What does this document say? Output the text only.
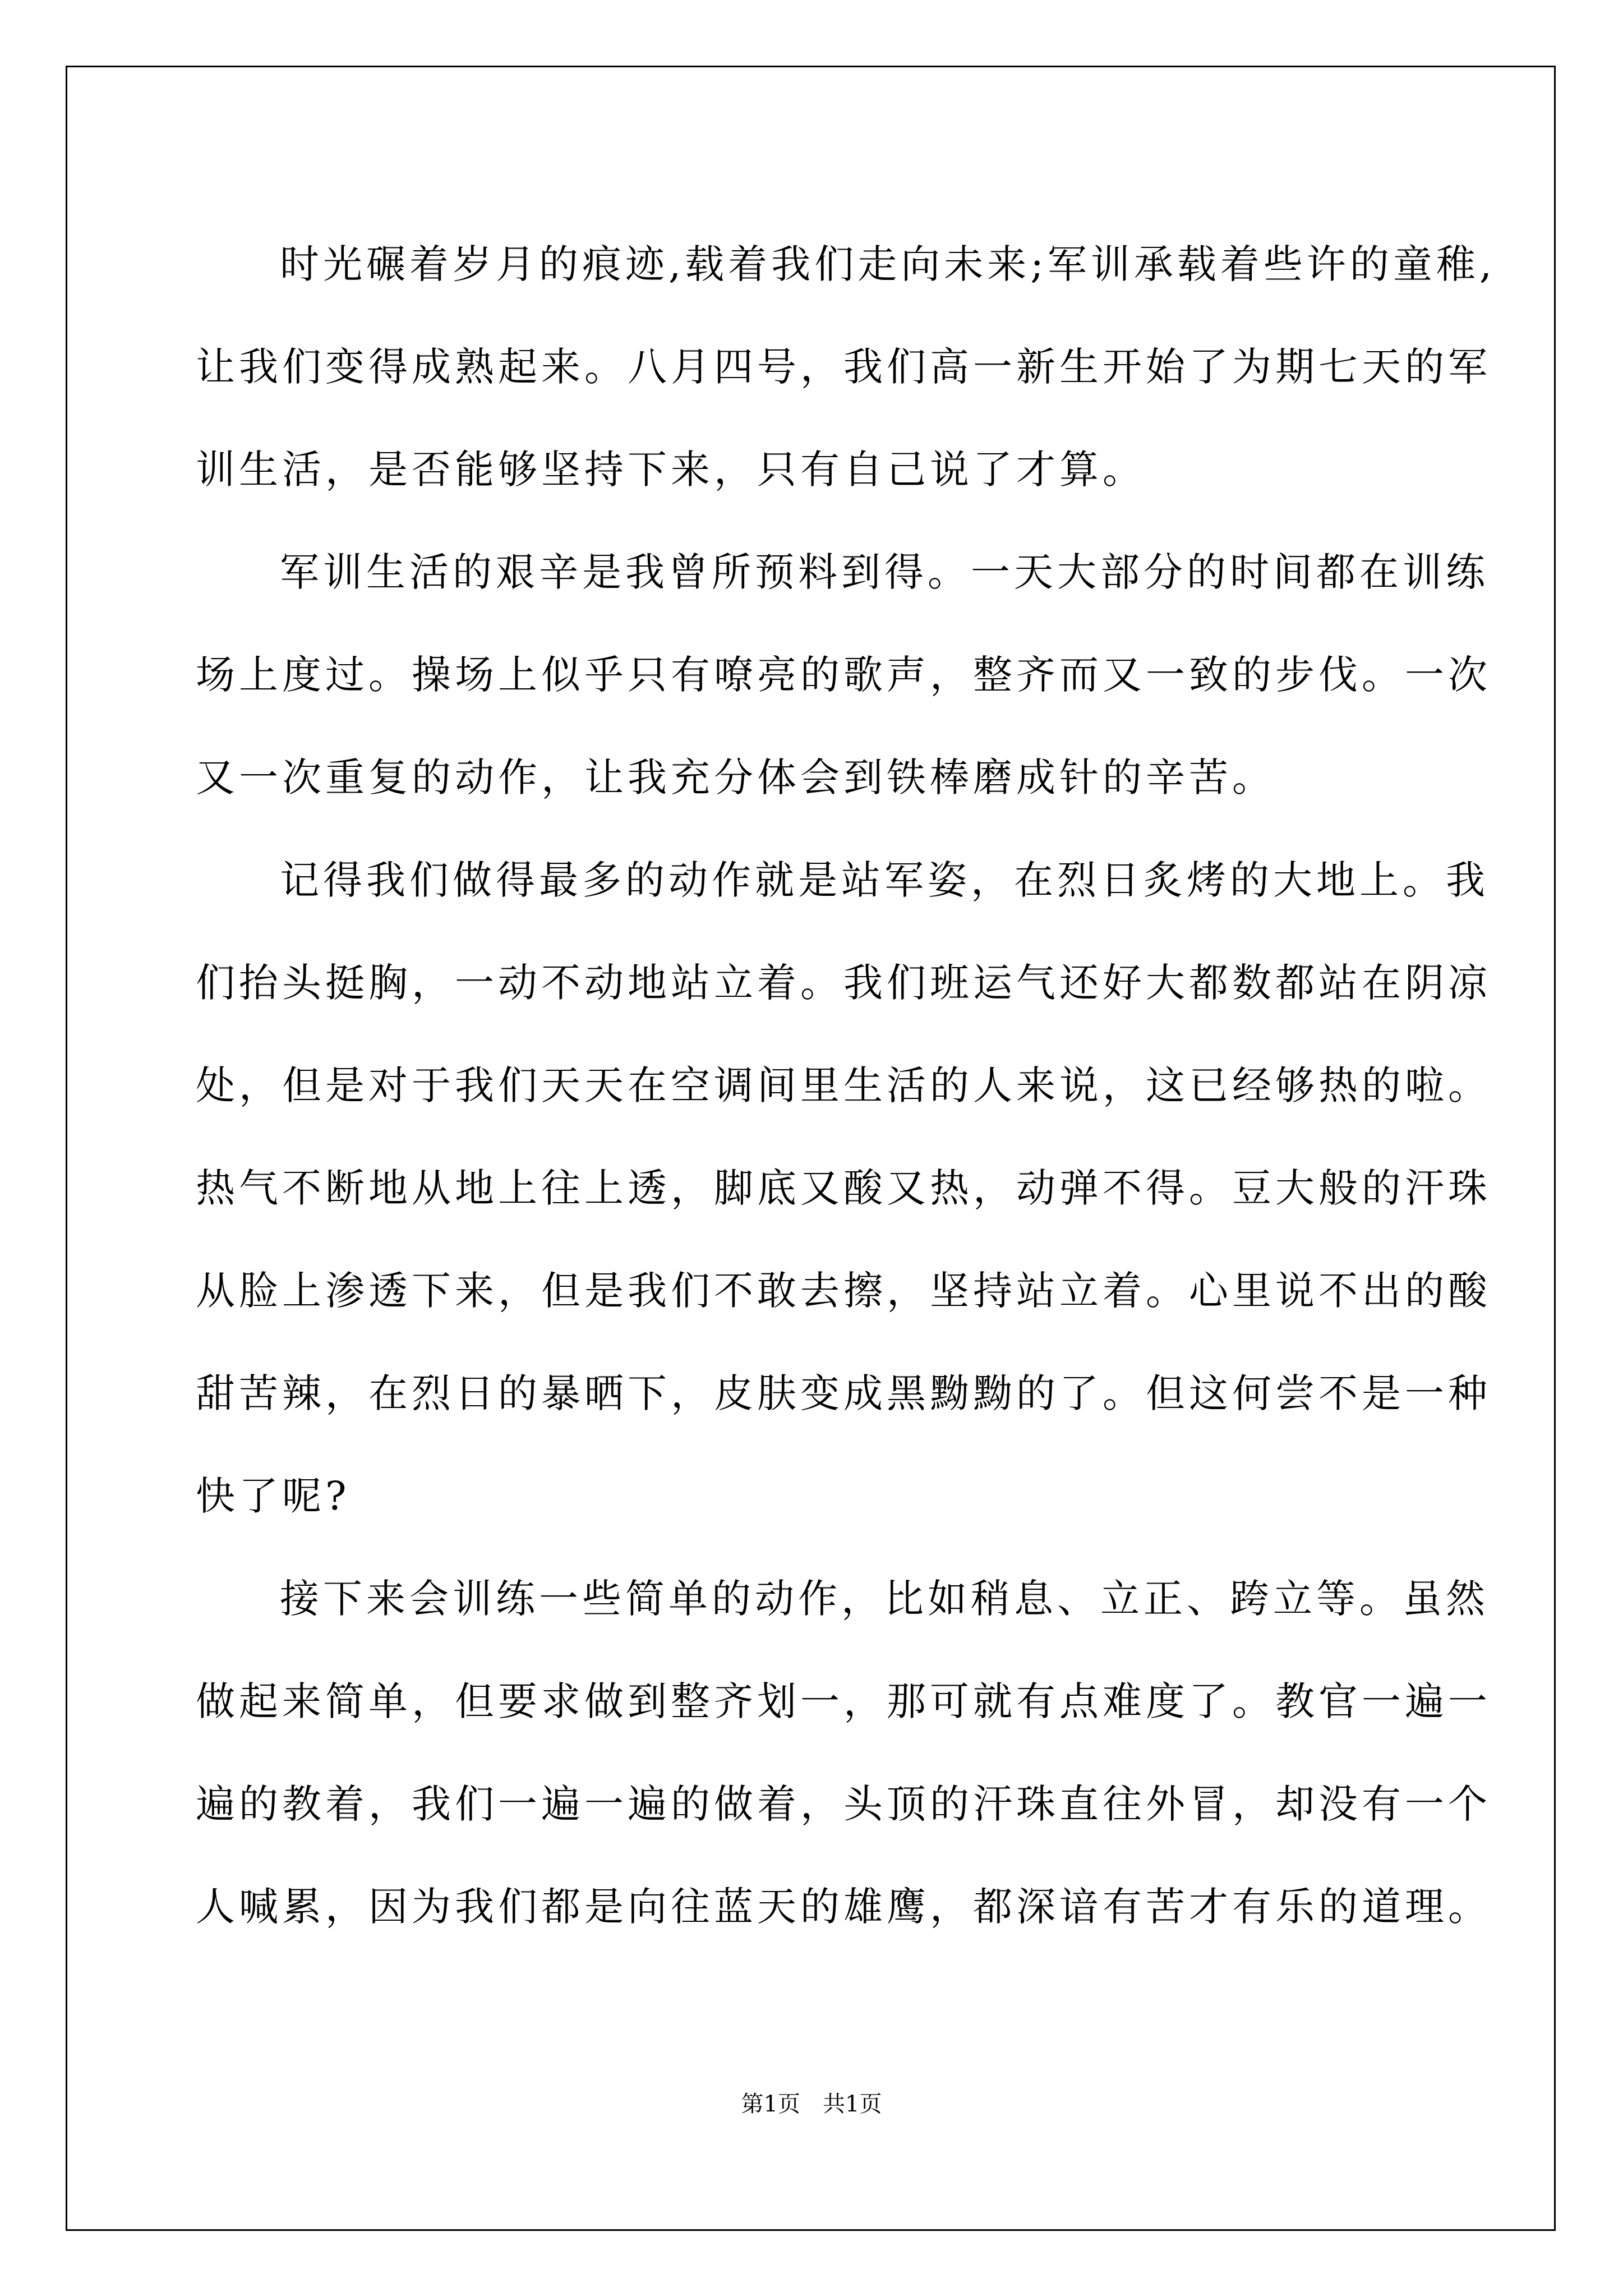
时光碾着岁月的痕迹,载着我们走向未来;军训承载着些许的童稚,
让我们变得成熟起来。八月四号，我们高一新生开始了为期七天的军
训生活，是否能够坚持下来，只有自己说了才算。
军训生活的艰辛是我曾所预料到得。一天大部分的时间都在训练
场上度过。操场上似乎只有嘹亮的歌声，整齐而又一致的步伐。一次
又一次重复的动作，让我充分体会到铁棒磨成针的辛苦。
记得我们做得最多的动作就是站军姿，在烈日炙烤的大地上。我
们抬头挺胸，一动不动地站立着。我们班运气还好大都数都站在阴凉
处，但是对于我们天天在空调间里生活的人来说，这已经够热的啦。
热气不断地从地上往上透，脚底又酸又热，动弹不得。豆大般的汗珠
从脸上渗透下来，但是我们不敢去擦，坚持站立着。心里说不出的酸
甜苦辣，在烈日的暴晒下，皮肤变成黑黝黝的了。但这何尝不是一种
快了呢?
接下来会训练一些简单的动作，比如稍息、立正、跨立等。虽然
做起来简单，但要求做到整齐划一，那可就有点难度了。教官一遍一
遍的教着，我们一遍一遍的做着，头顶的汗珠直往外冒，却没有一个
人喊累，因为我们都是向往蓝天的雄鹰，都深谙有苦才有乐的道理。
第1页 共1页
